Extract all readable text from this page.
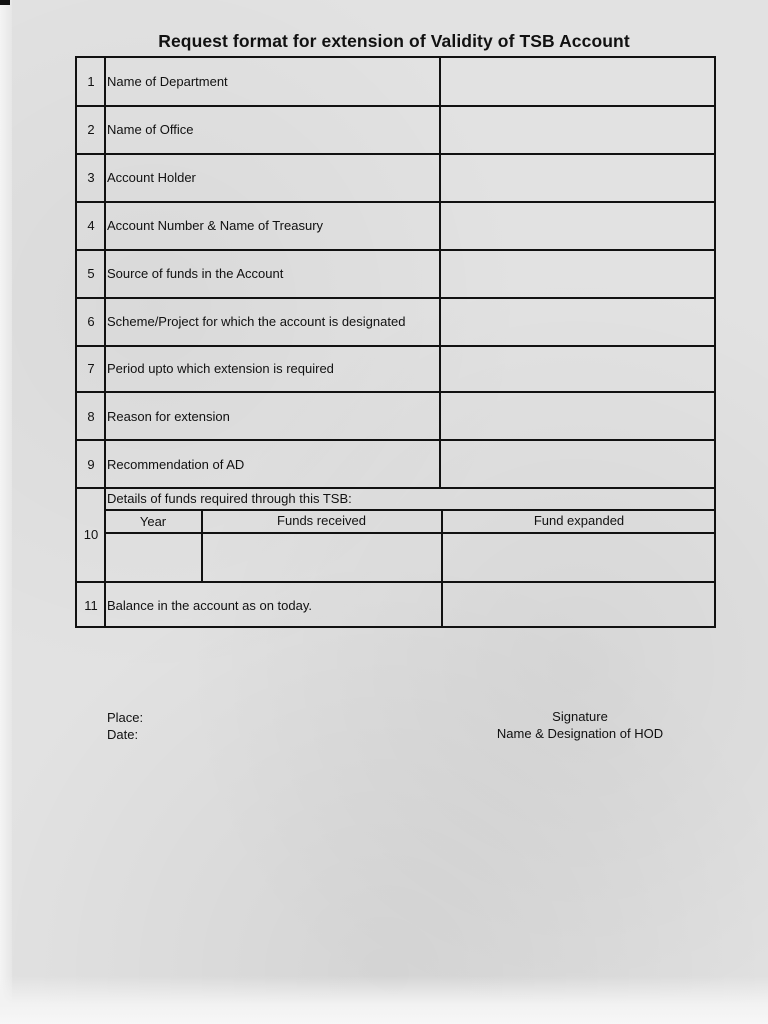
Request format for extension of Validity of TSB Account
1 Name of Department
2 Name of Office
3 Account Holder
4 Account Number & Name of Treasury
5 Source of funds in the Account
6 Scheme/Project for which the account is designated
7 Period upto which extension is required
8 Reason for extension
9 Recommendation of AD
10
Details of funds required through this TSB:
Year	Funds received	Fund expanded
11 Balance in the account as on today.
Place:
Date:
Signature
Name & Designation of HOD
